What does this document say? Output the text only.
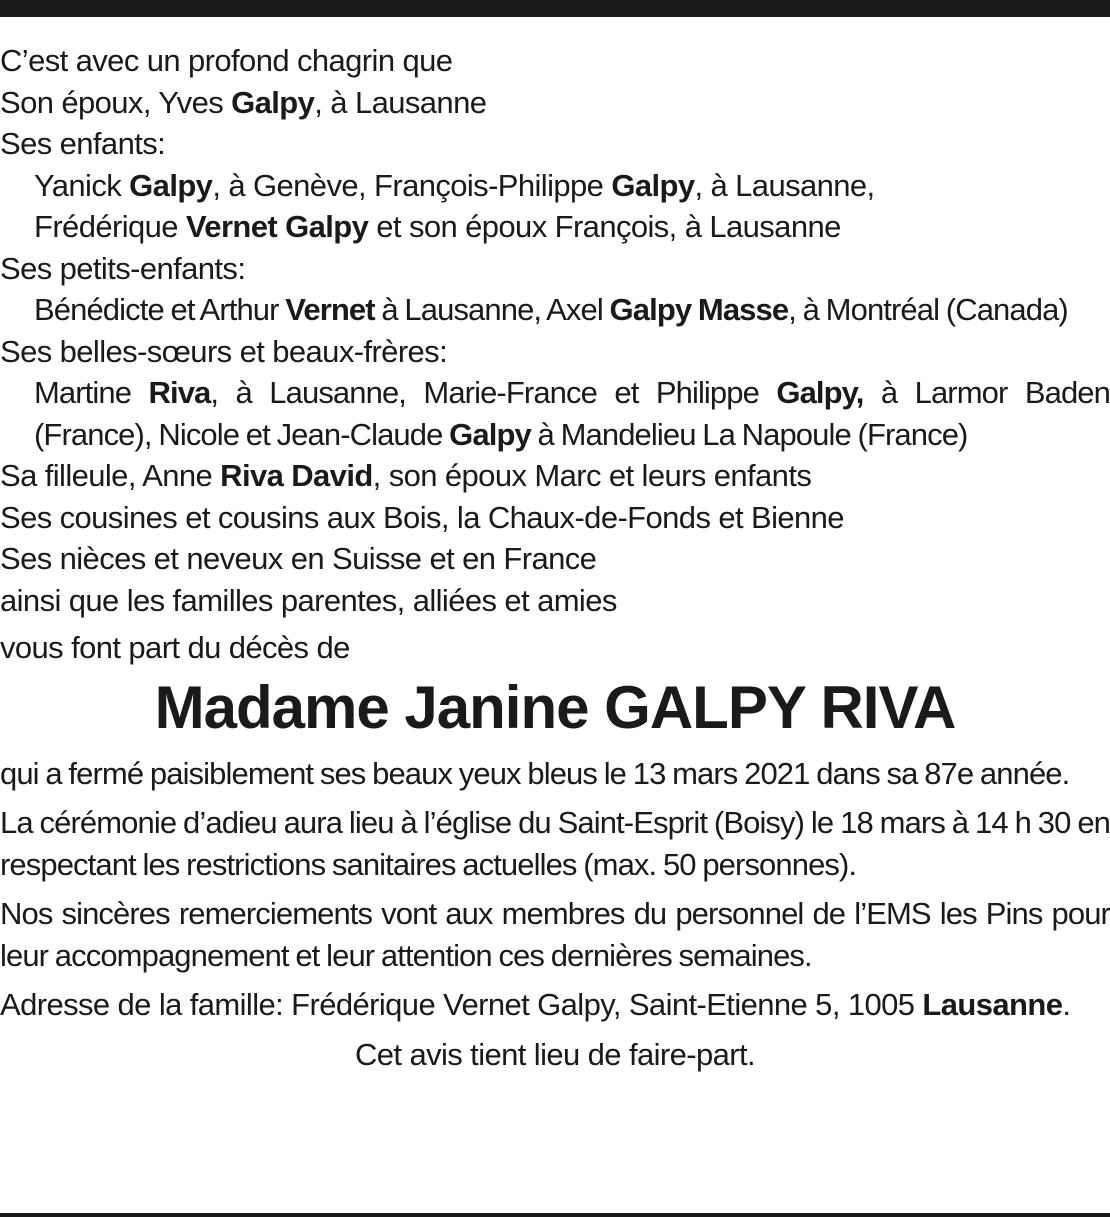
C’est avec un profond chagrin que
Son époux, Yves Galpy, à Lausanne
Ses enfants:
Yanick Galpy, à Genève, François-Philippe Galpy, à Lausanne,
Frédérique Vernet Galpy et son époux François, à Lausanne
Ses petits-enfants:
Bénédicte et Arthur Vernet à Lausanne, Axel Galpy Masse, à Montréal (Canada)
Ses belles-sœurs et beaux-frères:
Martine Riva, à Lausanne, Marie-France et Philippe Galpy, à Larmor Baden (France), Nicole et Jean-Claude Galpy à Mandelieu La Napoule (France)
Sa filleule, Anne Riva David, son époux Marc et leurs enfants
Ses cousines et cousins aux Bois, la Chaux-de-Fonds et Bienne
Ses nièces et neveux en Suisse et en France
ainsi que les familles parentes, alliées et amies
vous font part du décès de
Madame Janine GALPY RIVA
qui a fermé paisiblement ses beaux yeux bleus le 13 mars 2021 dans sa 87e année.
La cérémonie d’adieu aura lieu à l’église du Saint-Esprit (Boisy) le 18 mars à 14 h 30 en respectant les restrictions sanitaires actuelles (max. 50 personnes).
Nos sincères remerciements vont aux membres du personnel de l’EMS les Pins pour leur accompagnement et leur attention ces dernières semaines.
Adresse de la famille: Frédérique Vernet Galpy, Saint-Etienne 5, 1005 Lausanne.
Cet avis tient lieu de faire-part.
